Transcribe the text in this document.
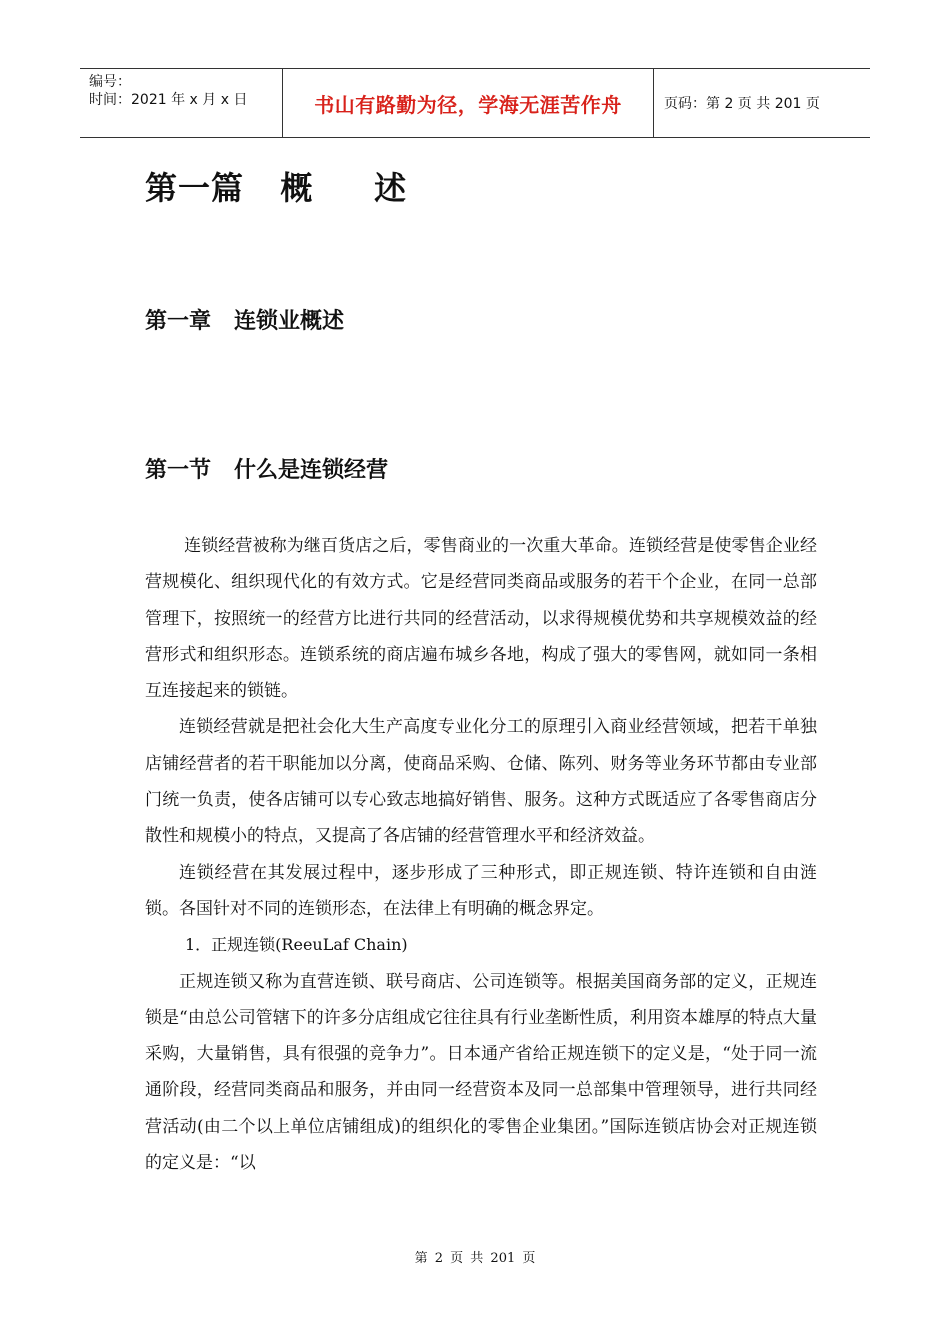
编号：
时间：2021 年 x 月 x 日	书山有路勤为径，学海无涯苦作舟	页码：第 2 页 共 201 页
第一篇   概     述
第一章   连锁业概述
第一节   什么是连锁经营

连锁经营被称为继百货店之后，零售商业的一次重大革命。连锁经营是使零售企业经营规模化、组织现代化的有效方式。它是经营同类商品或服务的若干个企业，在同一总部管理下，按照统一的经营方比进行共同的经营活动，以求得规模优势和共享规模效益的经营形式和组织形态。连锁系统的商店遍布城乡各地，构成了强大的零售网，就如同一条相互连接起来的锁链。

连锁经营就是把社会化大生产高度专业化分工的原理引入商业经营领域，把若干单独店铺经营者的若干职能加以分离，使商品采购、仓储、陈列、财务等业务环节都由专业部门统一负责，使各店铺可以专心致志地搞好销售、服务。这种方式既适应了各零售商店分散性和规模小的特点，又提高了各店铺的经营管理水平和经济效益。

连锁经营在其发展过程中，逐步形成了三种形式，即正规连锁、特许连锁和自由涟锁。各国针对不同的连锁形态，在法律上有明确的概念界定。

1．正规连锁(ReeuLaf Chain)

正规连锁又称为直营连锁、联号商店、公司连锁等。根据美国商务部的定义，正规连锁是“由总公司管辖下的许多分店组成它往往具有行业垄断性质，利用资本雄厚的特点大量采购，大量销售，具有很强的竞争力”。日本通产省给正规连锁下的定义是，“处于同一流通阶段，经营同类商品和服务，并由同一经营资本及同一总部集中管理领导，进行共同经营活动(由二个以上单位店铺组成)的组织化的零售企业集团。”国际连锁店协会对正规连锁的定义是：“以

第 2 页 共 201 页
